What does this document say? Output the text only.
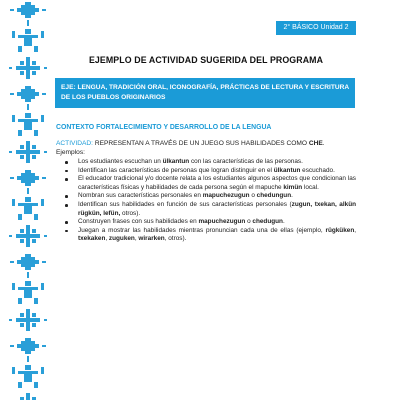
2° BÁSICO Unidad 2
EJEMPLO DE ACTIVIDAD SUGERIDA DEL PROGRAMA
EJE: LENGUA, TRADICIÓN ORAL, ICONOGRAFÍA, PRÁCTICAS DE LECTURA Y ESCRITURA DE LOS PUEBLOS ORIGINARIOS
CONTEXTO FORTALECIMIENTO Y DESARROLLO DE LA LENGUA
ACTIVIDAD: REPRESENTAN A TRAVÉS DE UN JUEGO SUS HABILIDADES COMO CHE.
Ejemplos:
Los estudiantes escuchan un ülkantun con las características de las personas.
Identifican las características de personas que logran distinguir en el ülkantun escuchado.
El educador tradicional y/o docente relata a los estudiantes algunos aspectos que condicionan las características físicas y habilidades de cada persona según el mapuche kimün local.
Nombran sus características personales en mapuchezugun o chedungun.
Identifican sus habilidades en función de sus características personales (zugun, txekan, alkün rügkün, lefün, otros).
Construyen frases con sus habilidades en mapuchezugun o chedugun.
Juegan a mostrar las habilidades mientras pronuncian cada una de ellas (ejemplo, rügküken, txekaken, zuguken, wirarken, otros).
